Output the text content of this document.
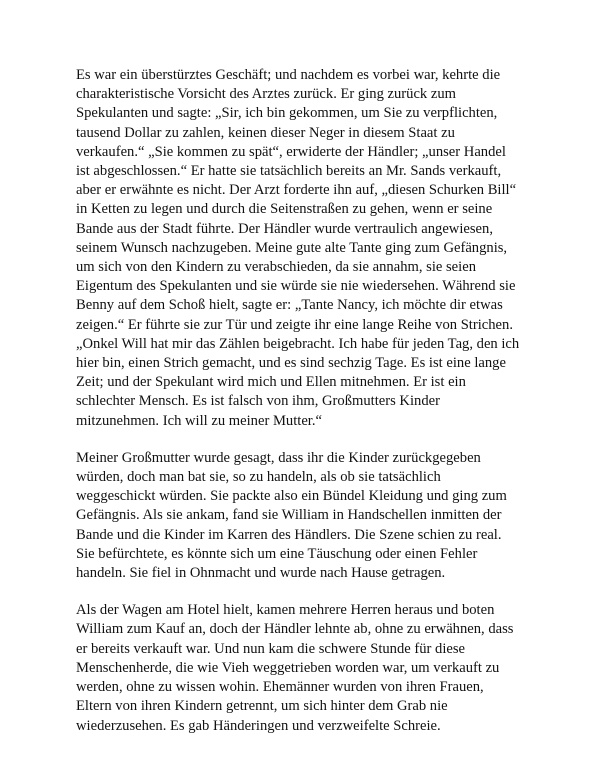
Es war ein überstürztes Geschäft; und nachdem es vorbei war, kehrte die
charakteristische Vorsicht des Arztes zurück. Er ging zurück zum
Spekulanten und sagte: „Sir, ich bin gekommen, um Sie zu verpflichten,
tausend Dollar zu zahlen, keinen dieser Neger in diesem Staat zu
verkaufen.“ „Sie kommen zu spät“, erwiderte der Händler; „unser Handel
ist abgeschlossen.“ Er hatte sie tatsächlich bereits an Mr. Sands verkauft,
aber er erwähnte es nicht. Der Arzt forderte ihn auf, „diesen Schurken Bill“
in Ketten zu legen und durch die Seitenstraßen zu gehen, wenn er seine
Bande aus der Stadt führte. Der Händler wurde vertraulich angewiesen,
seinem Wunsch nachzugeben. Meine gute alte Tante ging zum Gefängnis,
um sich von den Kindern zu verabschieden, da sie annahm, sie seien
Eigentum des Spekulanten und sie würde sie nie wiedersehen. Während sie
Benny auf dem Schoß hielt, sagte er: „Tante Nancy, ich möchte dir etwas
zeigen.“ Er führte sie zur Tür und zeigte ihr eine lange Reihe von Strichen.
„Onkel Will hat mir das Zählen beigebracht. Ich habe für jeden Tag, den ich
hier bin, einen Strich gemacht, und es sind sechzig Tage. Es ist eine lange
Zeit; und der Spekulant wird mich und Ellen mitnehmen. Er ist ein
schlechter Mensch. Es ist falsch von ihm, Großmutters Kinder
mitzunehmen. Ich will zu meiner Mutter.“

Meiner Großmutter wurde gesagt, dass ihr die Kinder zurückgegeben
würden, doch man bat sie, so zu handeln, als ob sie tatsächlich
weggeschickt würden. Sie packte also ein Bündel Kleidung und ging zum
Gefängnis. Als sie ankam, fand sie William in Handschellen inmitten der
Bande und die Kinder im Karren des Händlers. Die Szene schien zu real.
Sie befürchtete, es könnte sich um eine Täuschung oder einen Fehler
handeln. Sie fiel in Ohnmacht und wurde nach Hause getragen.

Als der Wagen am Hotel hielt, kamen mehrere Herren heraus und boten
William zum Kauf an, doch der Händler lehnte ab, ohne zu erwähnen, dass
er bereits verkauft war. Und nun kam die schwere Stunde für diese
Menschenherde, die wie Vieh weggetrieben worden war, um verkauft zu
werden, ohne zu wissen wohin. Ehemänner wurden von ihren Frauen,
Eltern von ihren Kindern getrennt, um sich hinter dem Grab nie
wiederzusehen. Es gab Händeringen und verzweifelte Schreie.
